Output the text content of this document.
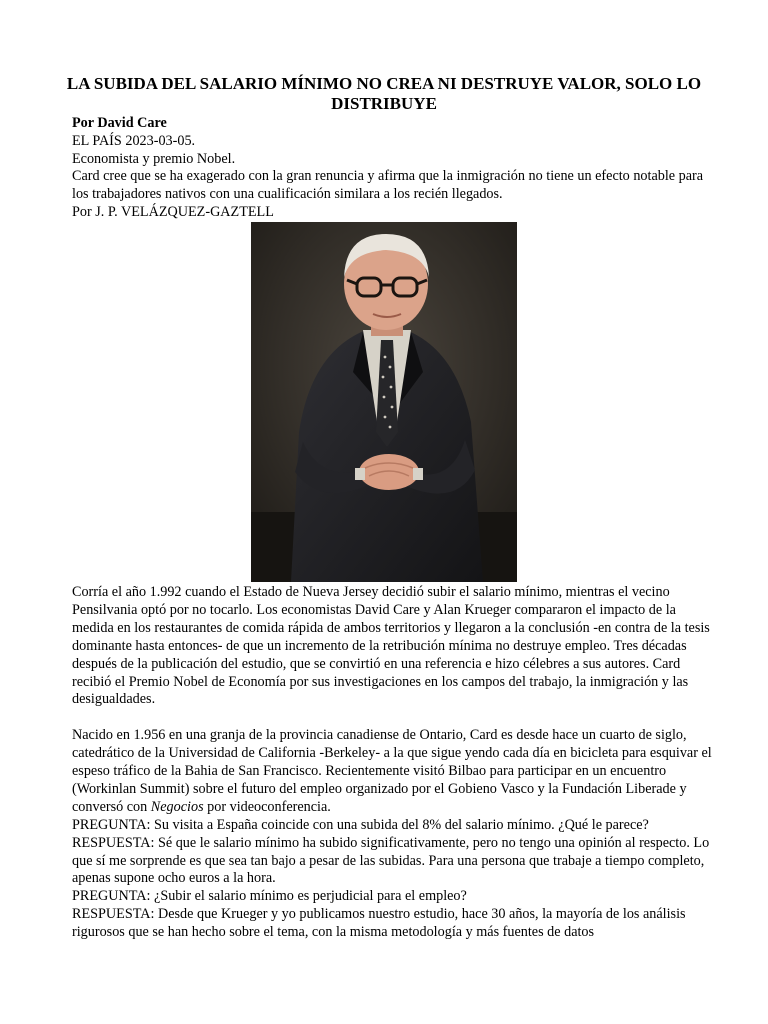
LA SUBIDA DEL SALARIO MÍNIMO NO CREA NI DESTRUYE VALOR, SOLO LO DISTRIBUYE
Por David Care
EL PAÍS 2023-03-05.
Economista y premio Nobel.
Card cree que se ha exagerado con la gran renuncia y afirma que la inmigración no tiene un efecto notable para los trabajadores nativos con una cualificación similara a los recién llegados.
Por J. P. VELÁZQUEZ-GAZTELL

Corría el año 1.992 cuando el Estado de Nueva Jersey decidió subir el salario mínimo, mientras el vecino Pensilvania optó por no tocarlo. Los economistas David Care y Alan Krueger compararon el impacto de la medida en los restaurantes de comida rápida de ambos territorios y llegaron a la conclusión -en contra de la tesis dominante hasta entonces- de que un incremento de la retribución mínima no destruye empleo. Tres décadas después de la publicación del estudio, que se convirtió en una referencia e hizo célebres a sus autores. Card recibió el Premio Nobel de Economía por sus investigaciones en los campos del trabajo, la inmigración y las desigualdades.

Nacido en 1.956 en una granja de la provincia canadiense de Ontario, Card es desde hace un cuarto de siglo, catedrático de la Universidad de California -Berkeley- a la que sigue yendo cada día en bicicleta para esquivar el espeso tráfico de la Bahia de San Francisco. Recientemente visitó Bilbao para participar en un encuentro (Workinlan Summit) sobre el futuro del empleo organizado por el Gobieno Vasco y la Fundación Liberade y conversó con Negocios por videoconferencia.

PREGUNTA: Su visita a España coincide con una subida del 8% del salario mínimo. ¿Qué le parece?

RESPUESTA: Sé que le salario mínimo ha subido significativamente, pero no tengo una opinión al respecto. Lo que sí me sorprende es que sea tan bajo a pesar de las subidas. Para una persona que trabaje a tiempo completo, apenas supone ocho euros a la hora.

PREGUNTA: ¿Subir el salario mínimo es perjudicial para el empleo?

RESPUESTA: Desde que Krueger y yo publicamos nuestro estudio, hace 30 años, la mayoría de los análisis rigurosos que se han hecho sobre el tema, con la misma metodología y más fuentes de datos
